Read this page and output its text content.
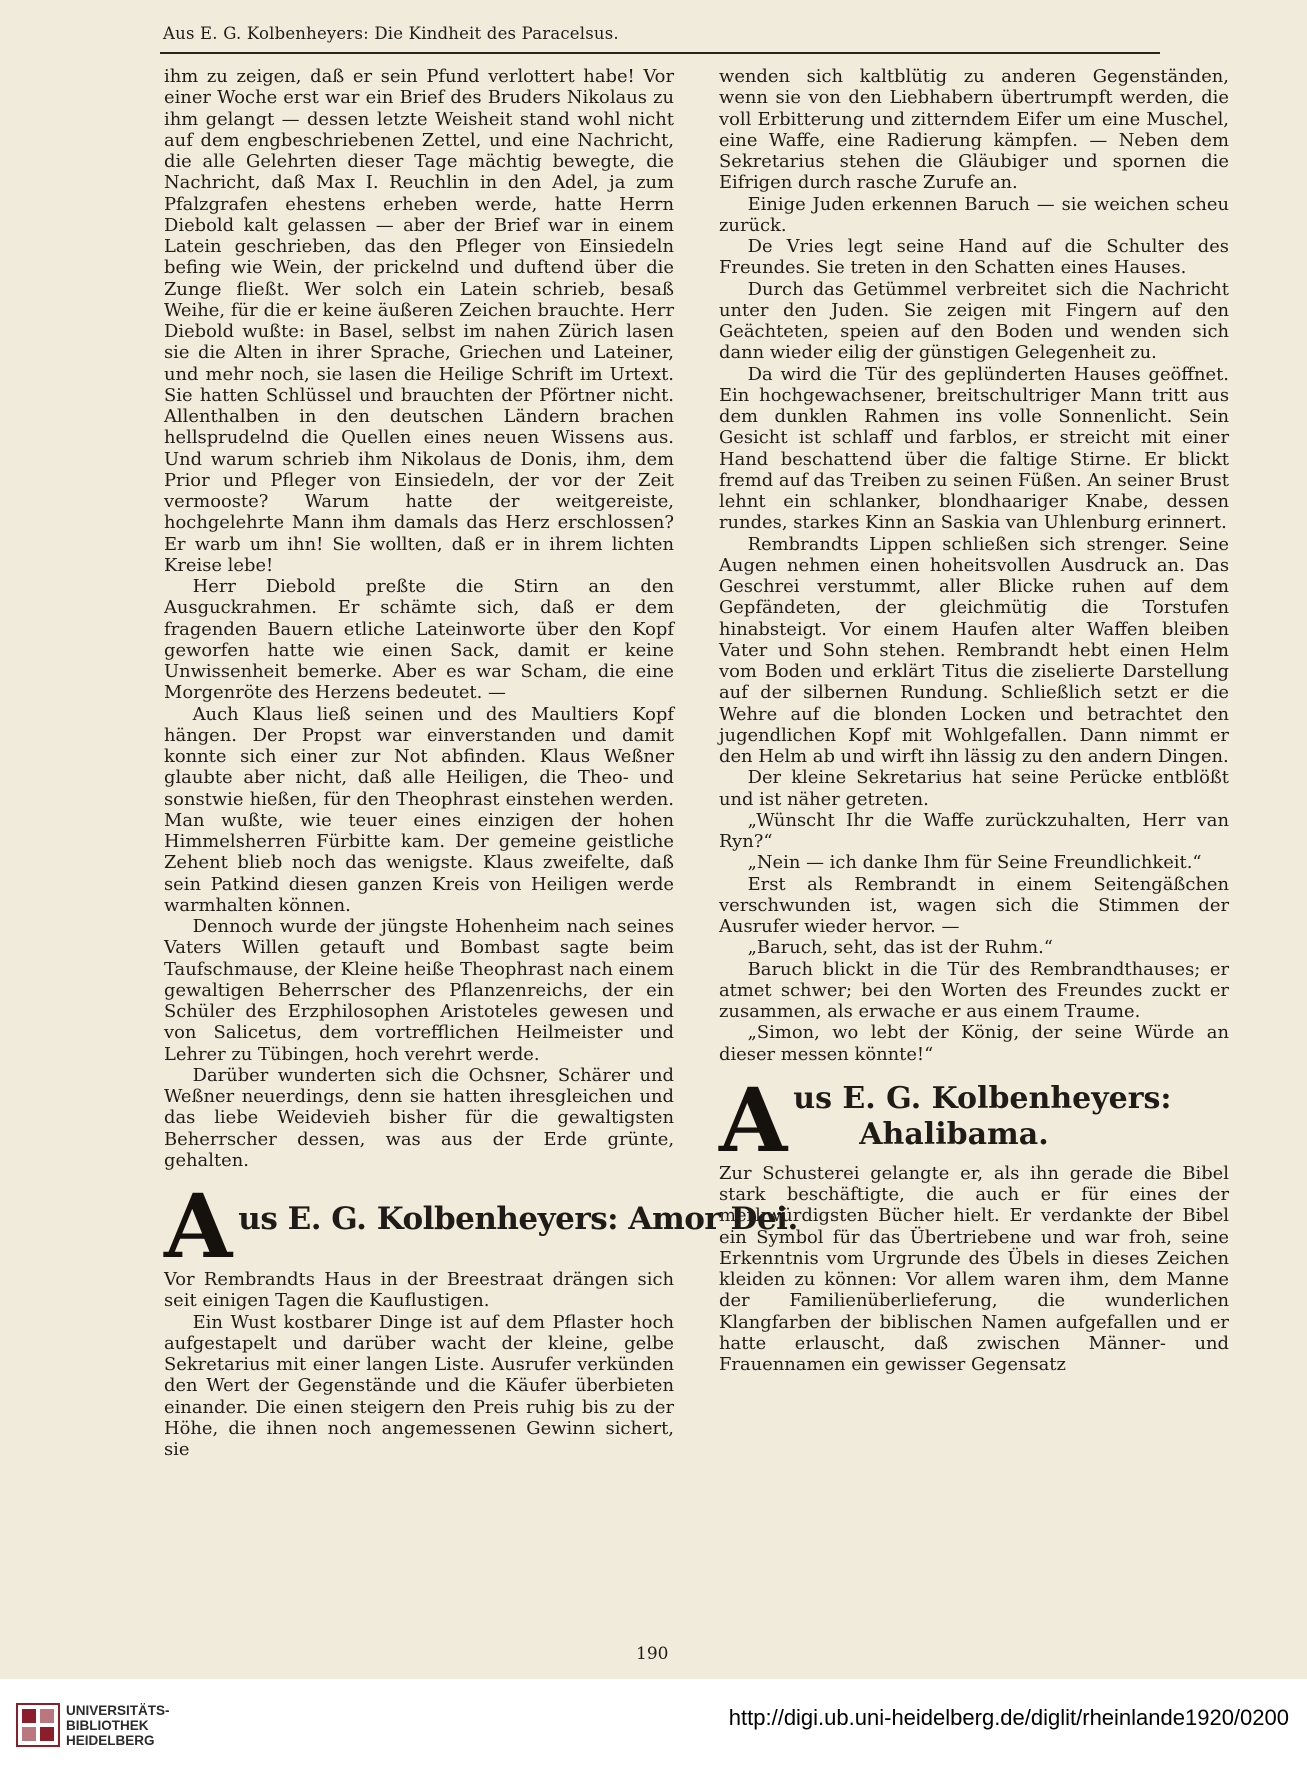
Aus E. G. Kolbenheyers: Die Kindheit des Paracelsus.

ihm zu zeigen, daß er sein Pfund verlottert habe! Vor einer Woche erst war ein Brief des Bruders Nikolaus zu ihm gelangt — dessen letzte Weisheit stand wohl nicht auf dem engbeschriebenen Zettel, und eine Nachricht, die alle Gelehrten dieser Tage mächtig bewegte, die Nachricht, daß Max I. Reuchlin in den Adel, ja zum Pfalzgrafen ehestens erheben werde, hatte Herrn Diebold kalt gelassen — aber der Brief war in einem Latein geschrieben, das den Pfleger von Einsiedeln befing wie Wein, der prickelnd und duftend über die Zunge fließt. Wer solch ein Latein schrieb, besaß Weihe, für die er keine äußeren Zeichen brauchte. Herr Diebold wußte: in Basel, selbst im nahen Zürich lasen sie die Alten in ihrer Sprache, Griechen und Lateiner, und mehr noch, sie lasen die Heilige Schrift im Urtext. Sie hatten Schlüssel und brauchten der Pförtner nicht. Allenthalben in den deutschen Ländern brachen hellsprudelnd die Quellen eines neuen Wissens aus. Und warum schrieb ihm Nikolaus de Donis, ihm, dem Prior und Pfleger von Einsiedeln, der vor der Zeit vermooste? Warum hatte der weitgereiste, hochgelehrte Mann ihm damals das Herz erschlossen? Er warb um ihn! Sie wollten, daß er in ihrem lichten Kreise lebe!

Herr Diebold preßte die Stirn an den Ausguckrahmen. Er schämte sich, daß er dem fragenden Bauern etliche Lateinworte über den Kopf geworfen hatte wie einen Sack, damit er keine Unwissenheit bemerke. Aber es war Scham, die eine Morgenröte des Herzens bedeutet. —

Auch Klaus ließ seinen und des Maultiers Kopf hängen. Der Propst war einverstanden und damit konnte sich einer zur Not abfinden. Klaus Weßner glaubte aber nicht, daß alle Heiligen, die Theo- und sonstwie hießen, für den Theophrast einstehen werden. Man wußte, wie teuer eines einzigen der hohen Himmelsherren Fürbitte kam. Der gemeine geistliche Zehent blieb noch das wenigste. Klaus zweifelte, daß sein Patkind diesen ganzen Kreis von Heiligen werde warmhalten können.

Dennoch wurde der jüngste Hohenheim nach seines Vaters Willen getauft und Bombast sagte beim Taufschmause, der Kleine heiße Theophrast nach einem gewaltigen Beherrscher des Pflanzenreichs, der ein Schüler des Erzphilosophen Aristoteles gewesen und von Salicetus, dem vortrefflichen Heilmeister und Lehrer zu Tübingen, hoch verehrt werde.

Darüber wunderten sich die Ochsner, Schärer und Weßner neuerdings, denn sie hatten ihresgleichen und das liebe Weidevieh bisher für die gewaltigsten Beherrscher dessen, was aus der Erde grünte, gehalten.

A us E. G. Kolbenheyers: Amor Dei.

Vor Rembrandts Haus in der Breestraat drängen sich seit einigen Tagen die Kauflustigen.

Ein Wust kostbarer Dinge ist auf dem Pflaster hoch aufgestapelt und darüber wacht der kleine, gelbe Sekretarius mit einer langen Liste. Ausrufer verkünden den Wert der Gegenstände und die Käufer überbieten einander. Die einen steigern den Preis ruhig bis zu der Höhe, die ihnen noch angemessenen Gewinn sichert, sie

wenden sich kaltblütig zu anderen Gegenständen, wenn sie von den Liebhabern übertrumpft werden, die voll Erbitterung und zitterndem Eifer um eine Muschel, eine Waffe, eine Radierung kämpfen. — Neben dem Sekretarius stehen die Gläubiger und spornen die Eifrigen durch rasche Zurufe an.

Einige Juden erkennen Baruch — sie weichen scheu zurück.

De Vries legt seine Hand auf die Schulter des Freundes. Sie treten in den Schatten eines Hauses.

Durch das Getümmel verbreitet sich die Nachricht unter den Juden. Sie zeigen mit Fingern auf den Geächteten, speien auf den Boden und wenden sich dann wieder eilig der günstigen Gelegenheit zu.

Da wird die Tür des geplünderten Hauses geöffnet. Ein hochgewachsener, breitschultriger Mann tritt aus dem dunklen Rahmen ins volle Sonnenlicht. Sein Gesicht ist schlaff und farblos, er streicht mit einer Hand beschattend über die faltige Stirne. Er blickt fremd auf das Treiben zu seinen Füßen. An seiner Brust lehnt ein schlanker, blondhaariger Knabe, dessen rundes, starkes Kinn an Saskia van Uhlenburg erinnert.

Rembrandts Lippen schließen sich strenger. Seine Augen nehmen einen hoheitsvollen Ausdruck an. Das Geschrei verstummt, aller Blicke ruhen auf dem Gepfändeten, der gleichmütig die Torstufen hinabsteigt. Vor einem Haufen alter Waffen bleiben Vater und Sohn stehen. Rembrandt hebt einen Helm vom Boden und erklärt Titus die ziselierte Darstellung auf der silbernen Rundung. Schließlich setzt er die Wehre auf die blonden Locken und betrachtet den jugendlichen Kopf mit Wohlgefallen. Dann nimmt er den Helm ab und wirft ihn lässig zu den andern Dingen.

Der kleine Sekretarius hat seine Perücke entblößt und ist näher getreten.

„Wünscht Ihr die Waffe zurückzuhalten, Herr van Ryn?“

„Nein — ich danke Ihm für Seine Freundlichkeit.“

Erst als Rembrandt in einem Seitengäßchen verschwunden ist, wagen sich die Stimmen der Ausrufer wieder hervor. —

„Baruch, seht, das ist der Ruhm.“

Baruch blickt in die Tür des Rembrandthauses; er atmet schwer; bei den Worten des Freundes zuckt er zusammen, als erwache er aus einem Traume.

„Simon, wo lebt der König, der seine Würde an dieser messen könnte!“

A us E. G. Kolbenheyers:
Ahalibama.

Zur Schusterei gelangte er, als ihn gerade die Bibel stark beschäftigte, die auch er für eines der merkwürdigsten Bücher hielt. Er verdankte der Bibel ein Symbol für das Übertriebene und war froh, seine Erkenntnis vom Urgrunde des Übels in dieses Zeichen kleiden zu können: Vor allem waren ihm, dem Manne der Familienüberlieferung, die wunderlichen Klangfarben der biblischen Namen aufgefallen und er hatte erlauscht, daß zwischen Männer- und Frauennamen ein gewisser Gegensatz

190
UNIVERSITÄTS-
BIBLIOTHEK
HEIDELBERG
http://digi.ub.uni-heidelberg.de/diglit/rheinlande1920/0200
